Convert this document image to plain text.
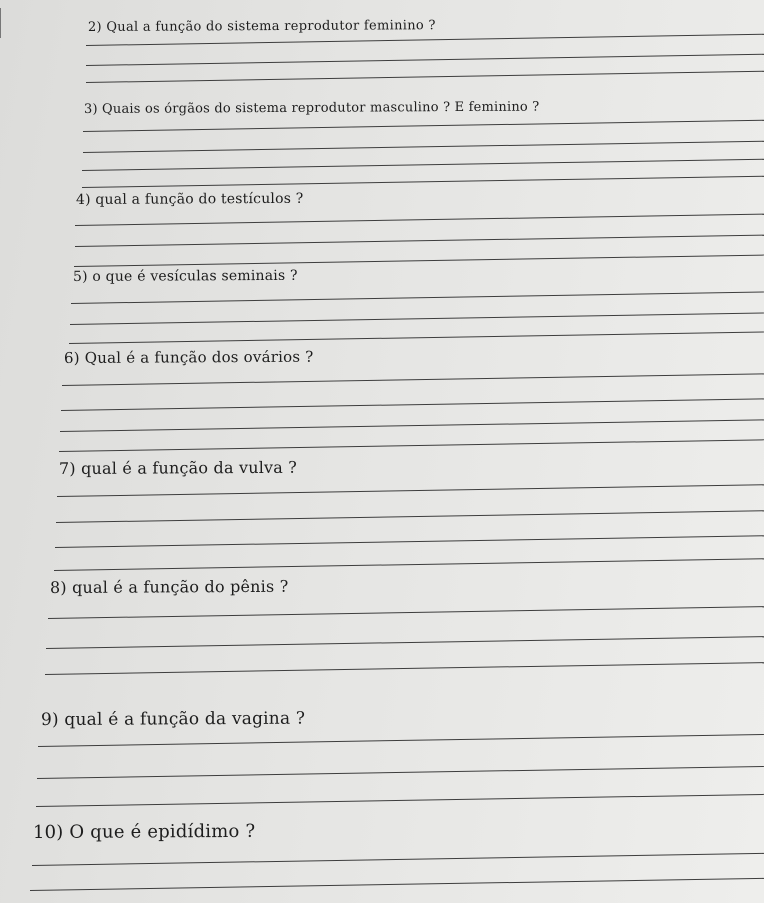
2) Qual a função do sistema reprodutor feminino ?
3) Quais os órgãos do sistema reprodutor masculino ? E feminino ?
4) qual a função do testículos ?
5) o que é vesículas seminais ?
6) Qual é a função dos ovários ?
7) qual é a função da vulva ?
8) qual é a função do pênis ?
9) qual é a função da vagina ?
10) O que é epidídimo ?
